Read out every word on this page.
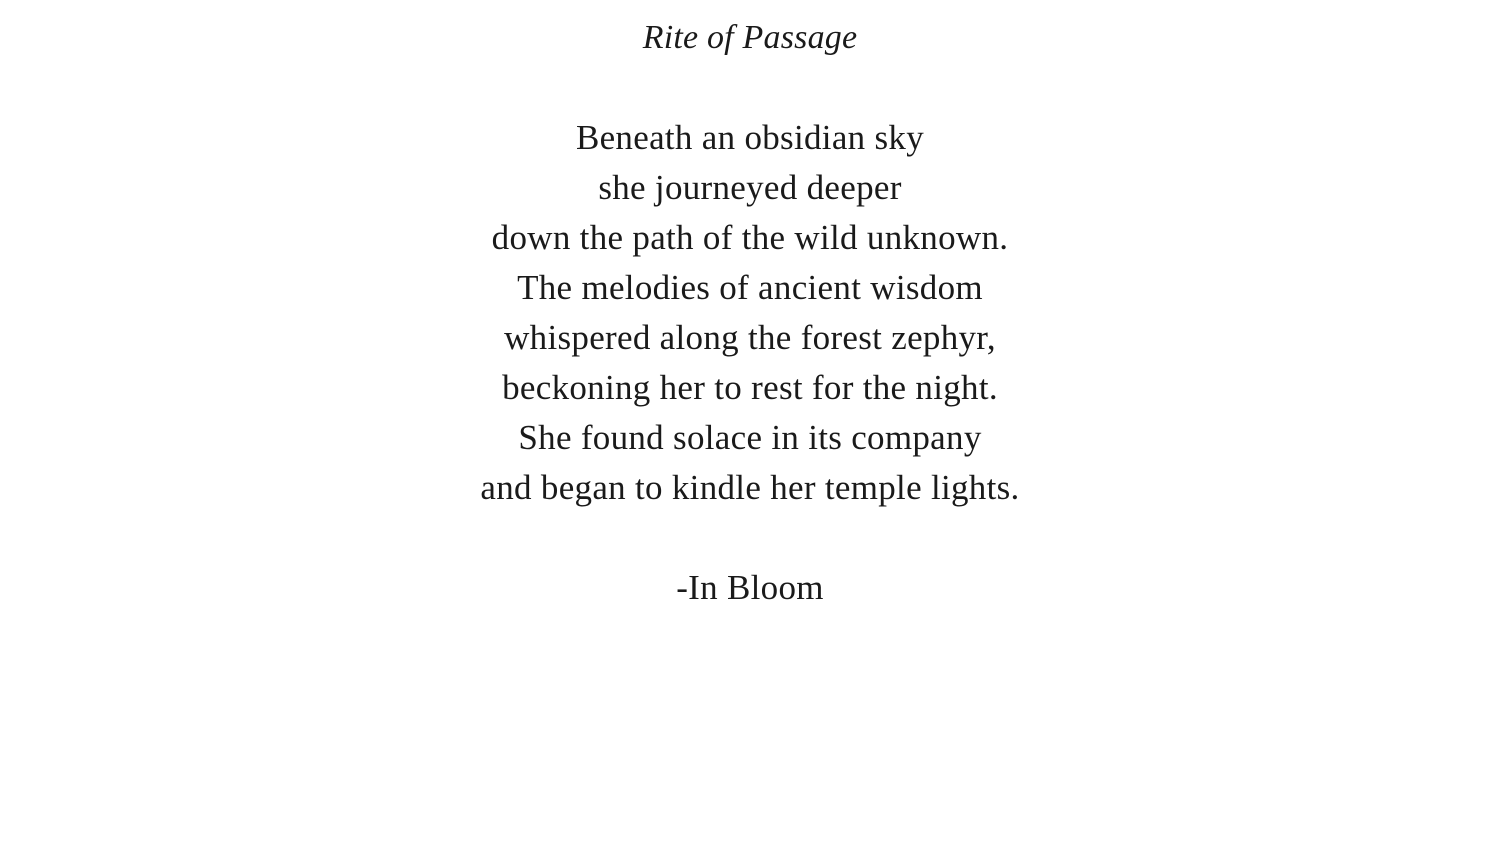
Rite of Passage
Beneath an obsidian sky
she journeyed deeper
down the path of the wild unknown.
The melodies of ancient wisdom
whispered along the forest zephyr,
beckoning her to rest for the night.
She found solace in its company
and began to kindle her temple lights.

-In Bloom
